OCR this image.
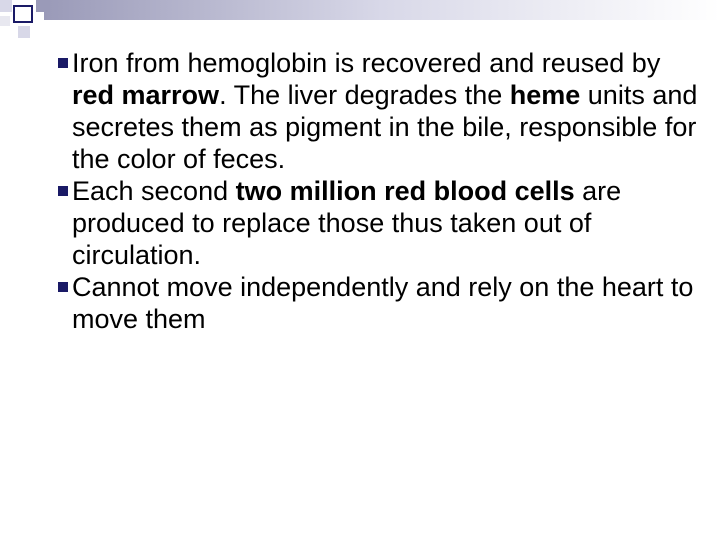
Iron from hemoglobin is recovered and reused by red marrow. The liver degrades the heme units and secretes them as pigment in the bile, responsible for the color of feces.
Each second two million red blood cells are produced to replace those thus taken out of circulation.
Cannot move independently and rely on the heart to move them
